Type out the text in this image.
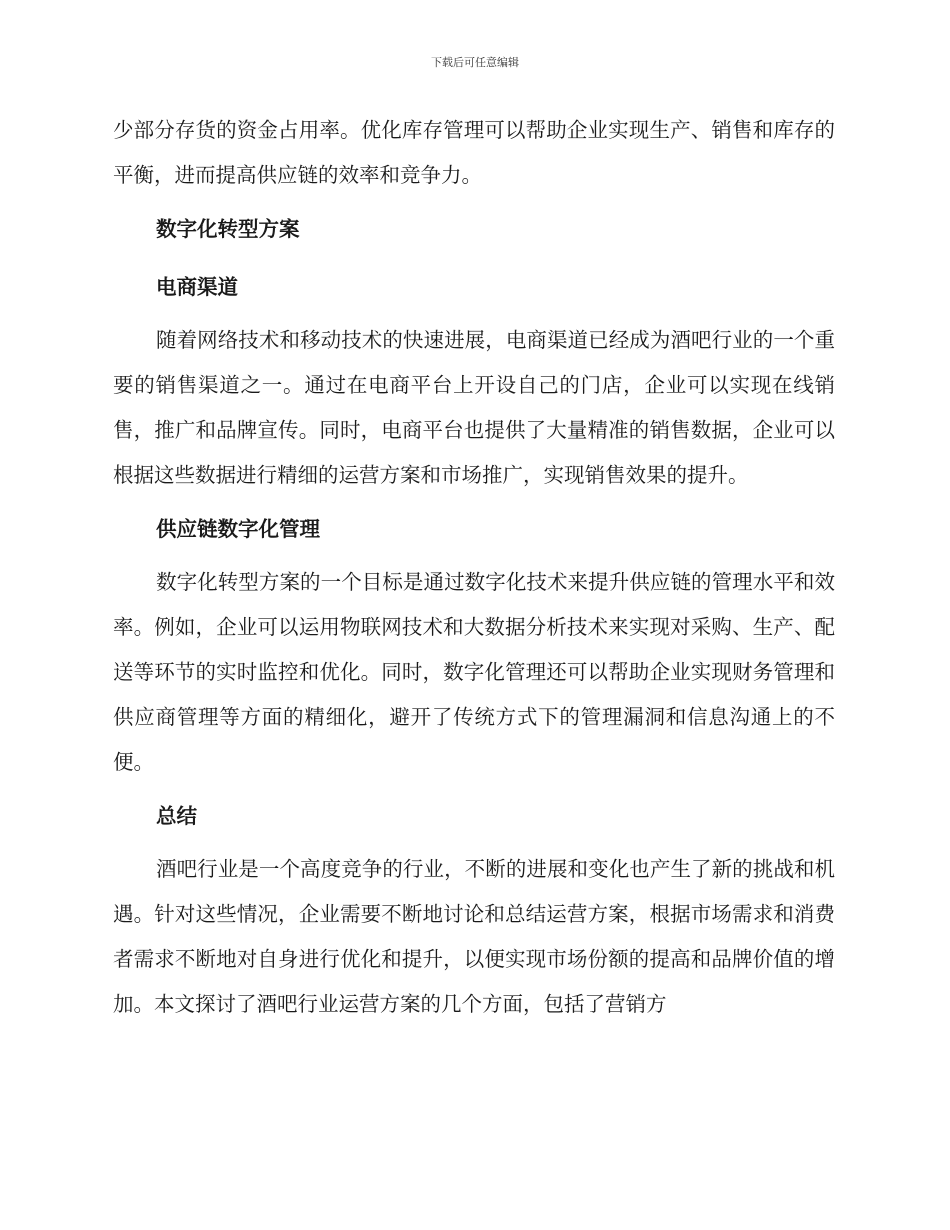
下载后可任意编辑

少部分存货的资金占用率。优化库存管理可以帮助企业实现生产、销售和库存的平衡，进而提高供应链的效率和竞争力。

数字化转型方案
电商渠道

随着网络技术和移动技术的快速进展，电商渠道已经成为酒吧行业的一个重要的销售渠道之一。通过在电商平台上开设自己的门店，企业可以实现在线销售，推广和品牌宣传。同时，电商平台也提供了大量精准的销售数据，企业可以根据这些数据进行精细的运营方案和市场推广，实现销售效果的提升。

供应链数字化管理

数字化转型方案的一个目标是通过数字化技术来提升供应链的管理水平和效率。例如，企业可以运用物联网技术和大数据分析技术来实现对采购、生产、配送等环节的实时监控和优化。同时，数字化管理还可以帮助企业实现财务管理和供应商管理等方面的精细化，避开了传统方式下的管理漏洞和信息沟通上的不便。

总结

酒吧行业是一个高度竞争的行业，不断的进展和变化也产生了新的挑战和机遇。针对这些情况，企业需要不断地讨论和总结运营方案，根据市场需求和消费者需求不断地对自身进行优化和提升，以便实现市场份额的提高和品牌价值的增加。本文探讨了酒吧行业运营方案的几个方面，包括了营销方
